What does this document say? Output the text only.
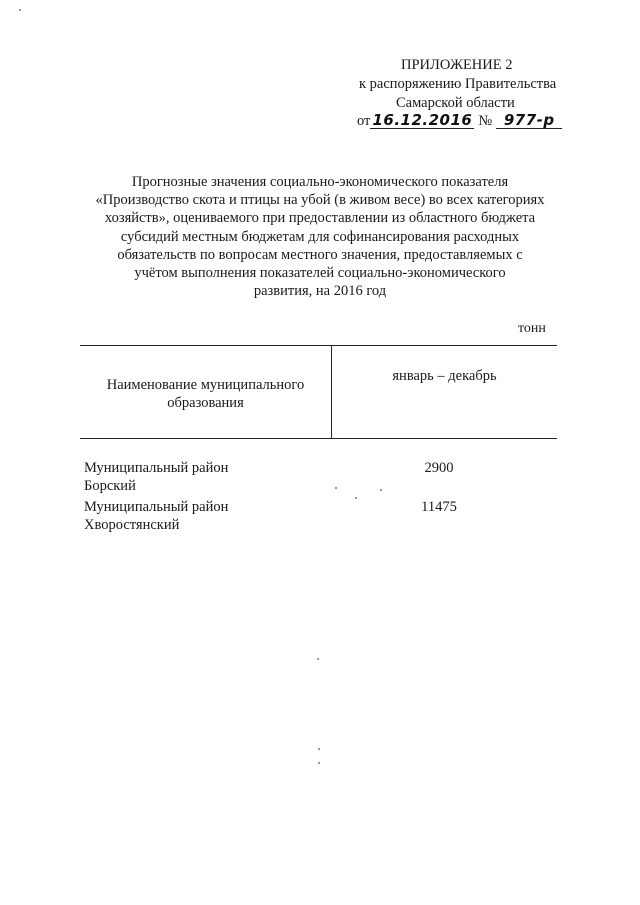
ПРИЛОЖЕНИЕ 2
к распоряжению Правительства
Самарской области
от 16.12.2016 № 977-р
Прогнозные значения социально-экономического показателя
«Производство скота и птицы на убой (в живом весе) во всех категориях
хозяйств», оцениваемого при предоставлении из областного бюджета
субсидий местным бюджетам для софинансирования расходных
обязательств по вопросам местного значения, предоставляемых с
учётом выполнения показателей социально-экономического
развития, на 2016 год
тонн
Наименование муниципального
образования
январь – декабрь
Муниципальный район
Борский
2900
Муниципальный район
Хворостянский
11475
